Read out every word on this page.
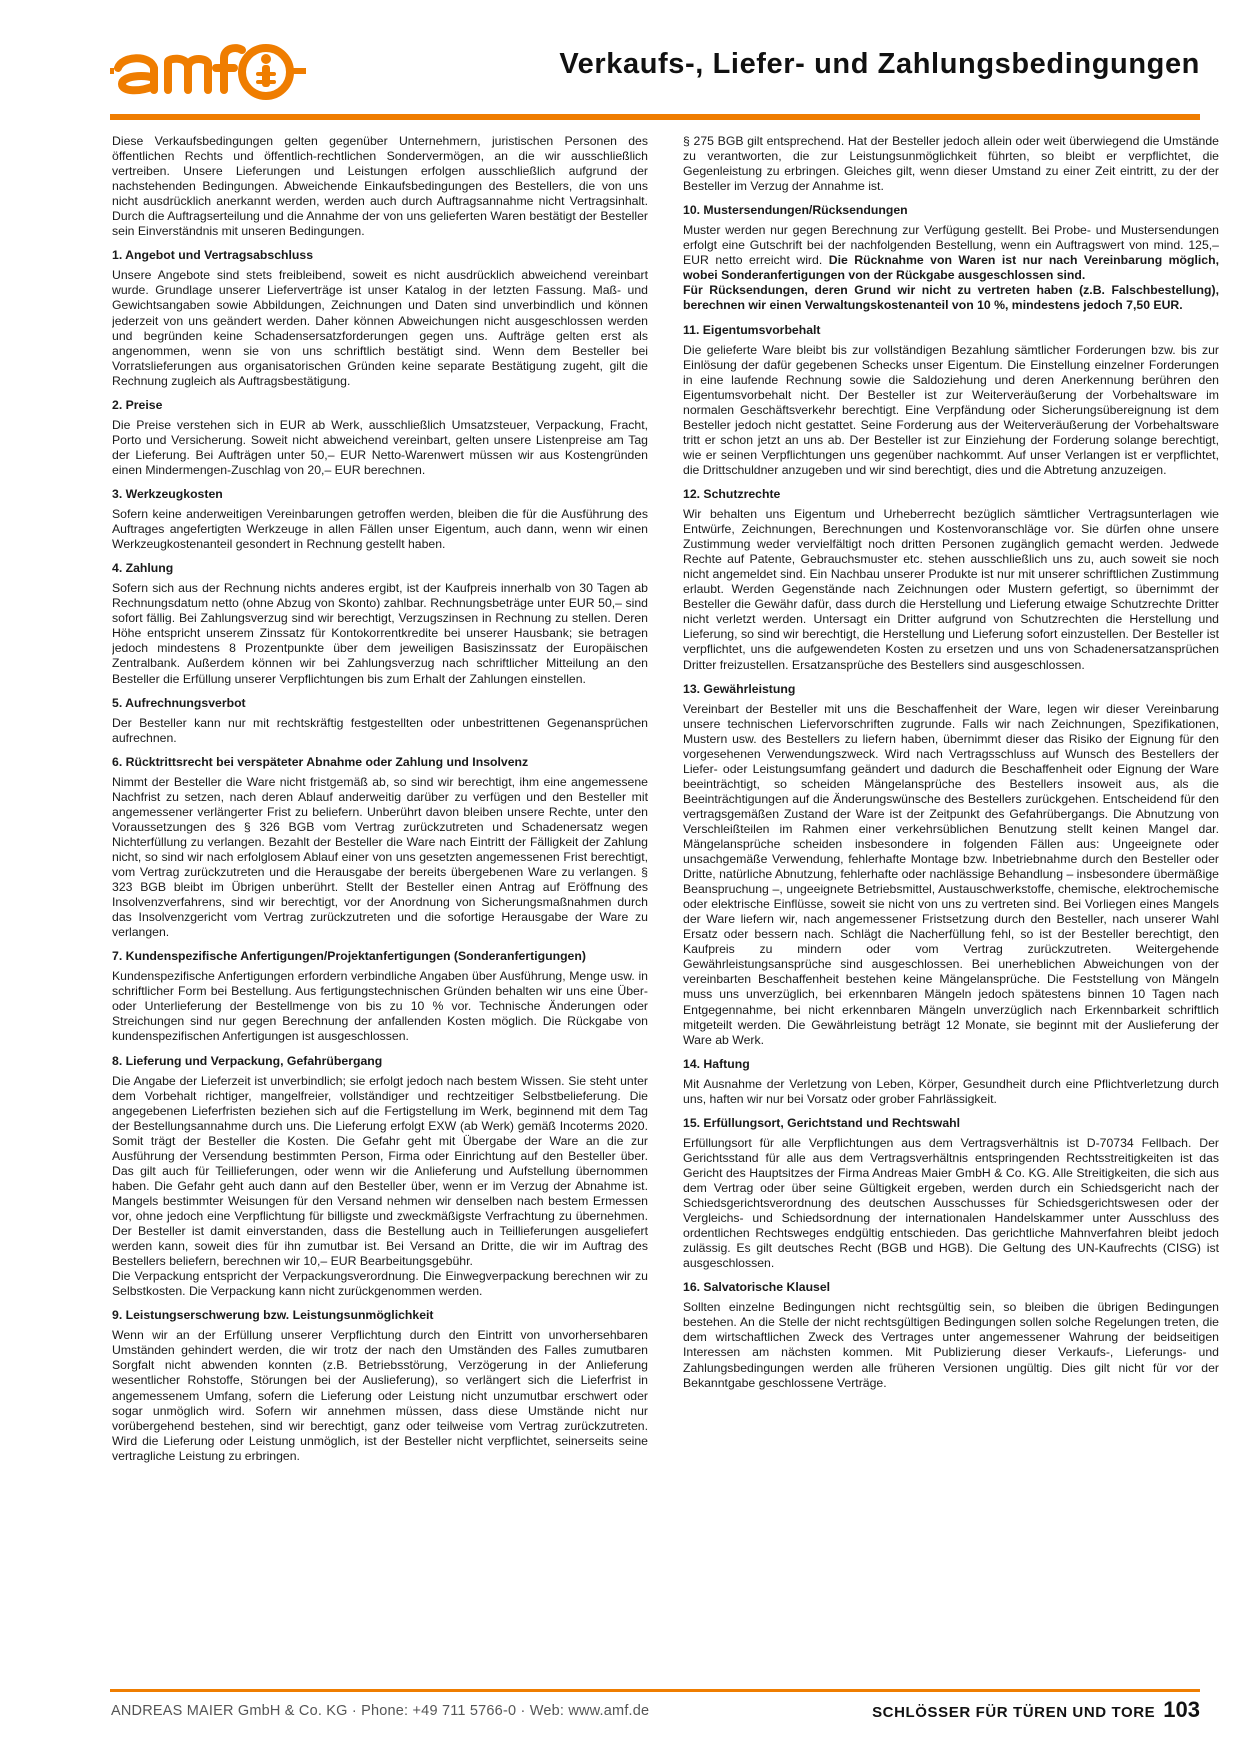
Verkaufs-, Liefer- und Zahlungsbedingungen

Diese Verkaufsbedingungen gelten gegenüber Unternehmern, juristischen Personen des öffentlichen Rechts und öffentlich-rechtlichen Sondervermögen, an die wir ausschließlich vertreiben. Unsere Lieferungen und Leistungen erfolgen ausschließlich aufgrund der nachstehenden Bedingungen. Abweichende Einkaufsbedingungen des Bestellers, die von uns nicht ausdrücklich anerkannt werden, werden auch durch Auftragsannahme nicht Vertragsinhalt. Durch die Auftragserteilung und die Annahme der von uns gelieferten Waren bestätigt der Besteller sein Einverständnis mit unseren Bedingungen.

1. Angebot und Vertragsabschluss

Unsere Angebote sind stets freibleibend, soweit es nicht ausdrücklich abweichend vereinbart wurde. Grundlage unserer Lieferverträge ist unser Katalog in der letzten Fassung. Maß- und Gewichtsangaben sowie Abbildungen, Zeichnungen und Daten sind unverbindlich und können jederzeit von uns geändert werden. Daher können Abweichungen nicht ausgeschlossen werden und begründen keine Schadensersatzforderungen gegen uns. Aufträge gelten erst als angenommen, wenn sie von uns schriftlich bestätigt sind. Wenn dem Besteller bei Vorratslieferungen aus organisatorischen Gründen keine separate Bestätigung zugeht, gilt die Rechnung zugleich als Auftragsbestätigung.

2. Preise

Die Preise verstehen sich in EUR ab Werk, ausschließlich Umsatzsteuer, Verpackung, Fracht, Porto und Versicherung. Soweit nicht abweichend vereinbart, gelten unsere Listenpreise am Tag der Lieferung. Bei Aufträgen unter 50,– EUR Netto-Warenwert müssen wir aus Kostengründen einen Mindermengen-Zuschlag von 20,– EUR berechnen.

3. Werkzeugkosten

Sofern keine anderweitigen Vereinbarungen getroffen werden, bleiben die für die Ausführung des Auftrages angefertigten Werkzeuge in allen Fällen unser Eigentum, auch dann, wenn wir einen Werkzeugkostenanteil gesondert in Rechnung gestellt haben.

4. Zahlung

Sofern sich aus der Rechnung nichts anderes ergibt, ist der Kaufpreis innerhalb von 30 Tagen ab Rechnungsdatum netto (ohne Abzug von Skonto) zahlbar. Rechnungsbeträge unter EUR 50,– sind sofort fällig. Bei Zahlungsverzug sind wir berechtigt, Verzugszinsen in Rechnung zu stellen. Deren Höhe entspricht unserem Zinssatz für Kontokorrentkredite bei unserer Hausbank; sie betragen jedoch mindestens 8 Prozentpunkte über dem jeweiligen Basiszinssatz der Europäischen Zentralbank. Außerdem können wir bei Zahlungsverzug nach schriftlicher Mitteilung an den Besteller die Erfüllung unserer Verpflichtungen bis zum Erhalt der Zahlungen einstellen.

5. Aufrechnungsverbot

Der Besteller kann nur mit rechtskräftig festgestellten oder unbestrittenen Gegenansprüchen aufrechnen.

6. Rücktrittsrecht bei verspäteter Abnahme oder Zahlung und Insolvenz

Nimmt der Besteller die Ware nicht fristgemäß ab, so sind wir berechtigt, ihm eine angemessene Nachfrist zu setzen, nach deren Ablauf anderweitig darüber zu verfügen und den Besteller mit angemessener verlängerter Frist zu beliefern. Unberührt davon bleiben unsere Rechte, unter den Voraussetzungen des § 326 BGB vom Vertrag zurückzutreten und Schadenersatz wegen Nichterfüllung zu verlangen. Bezahlt der Besteller die Ware nach Eintritt der Fälligkeit der Zahlung nicht, so sind wir nach erfolglosem Ablauf einer von uns gesetzten angemessenen Frist berechtigt, vom Vertrag zurückzutreten und die Herausgabe der bereits übergebenen Ware zu verlangen. § 323 BGB bleibt im Übrigen unberührt. Stellt der Besteller einen Antrag auf Eröffnung des Insolvenzverfahrens, sind wir berechtigt, vor der Anordnung von Sicherungsmaßnahmen durch das Insolvenzgericht vom Vertrag zurückzutreten und die sofortige Herausgabe der Ware zu verlangen.

7. Kundenspezifische Anfertigungen/Projektanfertigungen (Sonderanfertigungen)

Kundenspezifische Anfertigungen erfordern verbindliche Angaben über Ausführung, Menge usw. in schriftlicher Form bei Bestellung. Aus fertigungstechnischen Gründen behalten wir uns eine Über- oder Unterlieferung der Bestellmenge von bis zu 10 % vor. Technische Änderungen oder Streichungen sind nur gegen Berechnung der anfallenden Kosten möglich. Die Rückgabe von kundenspezifischen Anfertigungen ist ausgeschlossen.

8. Lieferung und Verpackung, Gefahrübergang

Die Angabe der Lieferzeit ist unverbindlich; sie erfolgt jedoch nach bestem Wissen. Sie steht unter dem Vorbehalt richtiger, mangelfreier, vollständiger und rechtzeitiger Selbstbelieferung. Die angegebenen Lieferfristen beziehen sich auf die Fertigstellung im Werk, beginnend mit dem Tag der Bestellungsannahme durch uns. Die Lieferung erfolgt EXW (ab Werk) gemäß Incoterms 2020. Somit trägt der Besteller die Kosten. Die Gefahr geht mit Übergabe der Ware an die zur Ausführung der Versendung bestimmten Person, Firma oder Einrichtung auf den Besteller über. Das gilt auch für Teillieferungen, oder wenn wir die Anlieferung und Aufstellung übernommen haben. Die Gefahr geht auch dann auf den Besteller über, wenn er im Verzug der Abnahme ist. Mangels bestimmter Weisungen für den Versand nehmen wir denselben nach bestem Ermessen vor, ohne jedoch eine Verpflichtung für billigste und zweckmäßigste Verfrachtung zu übernehmen. Der Besteller ist damit einverstanden, dass die Bestellung auch in Teillieferungen ausgeliefert werden kann, soweit dies für ihn zumutbar ist. Bei Versand an Dritte, die wir im Auftrag des Bestellers beliefern, berechnen wir 10,– EUR Bearbeitungsgebühr.

Die Verpackung entspricht der Verpackungsverordnung. Die Einwegverpackung berechnen wir zu Selbstkosten. Die Verpackung kann nicht zurückgenommen werden.

9. Leistungserschwerung bzw. Leistungsunmöglichkeit

Wenn wir an der Erfüllung unserer Verpflichtung durch den Eintritt von unvorhersehbaren Umständen gehindert werden, die wir trotz der nach den Umständen des Falles zumutbaren Sorgfalt nicht abwenden konnten (z.B. Betriebsstörung, Verzögerung in der Anlieferung wesentlicher Rohstoffe, Störungen bei der Auslieferung), so verlängert sich die Lieferfrist in angemessenem Umfang, sofern die Lieferung oder Leistung nicht unzumutbar erschwert oder sogar unmöglich wird. Sofern wir annehmen müssen, dass diese Umstände nicht nur vorübergehend bestehen, sind wir berechtigt, ganz oder teilweise vom Vertrag zurückzutreten. Wird die Lieferung oder Leistung unmöglich, ist der Besteller nicht verpflichtet, seinerseits seine vertragliche Leistung zu erbringen.

§ 275 BGB gilt entsprechend. Hat der Besteller jedoch allein oder weit überwiegend die Umstände zu verantworten, die zur Leistungsunmöglichkeit führten, so bleibt er verpflichtet, die Gegenleistung zu erbringen. Gleiches gilt, wenn dieser Umstand zu einer Zeit eintritt, zu der der Besteller im Verzug der Annahme ist.

10. Mustersendungen/Rücksendungen

Muster werden nur gegen Berechnung zur Verfügung gestellt. Bei Probe- und Mustersendungen erfolgt eine Gutschrift bei der nachfolgenden Bestellung, wenn ein Auftragswert von mind. 125,– EUR netto erreicht wird. Die Rücknahme von Waren ist nur nach Vereinbarung möglich, wobei Sonderanfertigungen von der Rückgabe ausgeschlossen sind.
Für Rücksendungen, deren Grund wir nicht zu vertreten haben (z.B. Falschbestellung), berechnen wir einen Verwaltungskostenanteil von 10 %, mindestens jedoch 7,50 EUR.

11. Eigentumsvorbehalt

Die gelieferte Ware bleibt bis zur vollständigen Bezahlung sämtlicher Forderungen bzw. bis zur Einlösung der dafür gegebenen Schecks unser Eigentum. Die Einstellung einzelner Forderungen in eine laufende Rechnung sowie die Saldoziehung und deren Anerkennung berühren den Eigentumsvorbehalt nicht. Der Besteller ist zur Weiterveräußerung der Vorbehaltsware im normalen Geschäftsverkehr berechtigt. Eine Verpfändung oder Sicherungsübereignung ist dem Besteller jedoch nicht gestattet. Seine Forderung aus der Weiterveräußerung der Vorbehaltsware tritt er schon jetzt an uns ab. Der Besteller ist zur Einziehung der Forderung solange berechtigt, wie er seinen Verpflichtungen uns gegenüber nachkommt. Auf unser Verlangen ist er verpflichtet, die Drittschuldner anzugeben und wir sind berechtigt, dies und die Abtretung anzuzeigen.

12. Schutzrechte

Wir behalten uns Eigentum und Urheberrecht bezüglich sämtlicher Vertragsunterlagen wie Entwürfe, Zeichnungen, Berechnungen und Kostenvoranschläge vor. Sie dürfen ohne unsere Zustimmung weder vervielfältigt noch dritten Personen zugänglich gemacht werden. Jedwede Rechte auf Patente, Gebrauchsmuster etc. stehen ausschließlich uns zu, auch soweit sie noch nicht angemeldet sind. Ein Nachbau unserer Produkte ist nur mit unserer schriftlichen Zustimmung erlaubt. Werden Gegenstände nach Zeichnungen oder Mustern gefertigt, so übernimmt der Besteller die Gewähr dafür, dass durch die Herstellung und Lieferung etwaige Schutzrechte Dritter nicht verletzt werden. Untersagt ein Dritter aufgrund von Schutzrechten die Herstellung und Lieferung, so sind wir berechtigt, die Herstellung und Lieferung sofort einzustellen. Der Besteller ist verpflichtet, uns die aufgewendeten Kosten zu ersetzen und uns von Schadenersatzansprüchen Dritter freizustellen. Ersatzansprüche des Bestellers sind ausgeschlossen.

13. Gewährleistung

Vereinbart der Besteller mit uns die Beschaffenheit der Ware, legen wir dieser Vereinbarung unsere technischen Liefervorschriften zugrunde. Falls wir nach Zeichnungen, Spezifikationen, Mustern usw. des Bestellers zu liefern haben, übernimmt dieser das Risiko der Eignung für den vorgesehenen Verwendungszweck. Wird nach Vertragsschluss auf Wunsch des Bestellers der Liefer- oder Leistungsumfang geändert und dadurch die Beschaffenheit oder Eignung der Ware beeinträchtigt, so scheiden Mängelansprüche des Bestellers insoweit aus, als die Beeinträchtigungen auf die Änderungswünsche des Bestellers zurückgehen. Entscheidend für den vertragsgemäßen Zustand der Ware ist der Zeitpunkt des Gefahrübergangs. Die Abnutzung von Verschleißteilen im Rahmen einer verkehrsüblichen Benutzung stellt keinen Mangel dar. Mängelansprüche scheiden insbesondere in folgenden Fällen aus: Ungeeignete oder unsachgemäße Verwendung, fehlerhafte Montage bzw. Inbetriebnahme durch den Besteller oder Dritte, natürliche Abnutzung, fehlerhafte oder nachlässige Behandlung – insbesondere übermäßige Beanspruchung –, ungeeignete Betriebsmittel, Austauschwerkstoffe, chemische, elektrochemische oder elektrische Einflüsse, soweit sie nicht von uns zu vertreten sind. Bei Vorliegen eines Mangels der Ware liefern wir, nach angemessener Fristsetzung durch den Besteller, nach unserer Wahl Ersatz oder bessern nach. Schlägt die Nacherfüllung fehl, so ist der Besteller berechtigt, den Kaufpreis zu mindern oder vom Vertrag zurückzutreten. Weitergehende Gewährleistungsansprüche sind ausgeschlossen. Bei unerheblichen Abweichungen von der vereinbarten Beschaffenheit bestehen keine Mängelansprüche. Die Feststellung von Mängeln muss uns unverzüglich, bei erkennbaren Mängeln jedoch spätestens binnen 10 Tagen nach Entgegennahme, bei nicht erkennbaren Mängeln unverzüglich nach Erkennbarkeit schriftlich mitgeteilt werden. Die Gewährleistung beträgt 12 Monate, sie beginnt mit der Auslieferung der Ware ab Werk.

14. Haftung

Mit Ausnahme der Verletzung von Leben, Körper, Gesundheit durch eine Pflichtverletzung durch uns, haften wir nur bei Vorsatz oder grober Fahrlässigkeit.

15. Erfüllungsort, Gerichtstand und Rechtswahl

Erfüllungsort für alle Verpflichtungen aus dem Vertragsverhältnis ist D-70734 Fellbach. Der Gerichtsstand für alle aus dem Vertragsverhältnis entspringenden Rechtsstreitigkeiten ist das Gericht des Hauptsitzes der Firma Andreas Maier GmbH & Co. KG. Alle Streitigkeiten, die sich aus dem Vertrag oder über seine Gültigkeit ergeben, werden durch ein Schiedsgericht nach der Schiedsgerichtsverordnung des deutschen Ausschusses für Schiedsgerichtswesen oder der Vergleichs- und Schiedsordnung der internationalen Handelskammer unter Ausschluss des ordentlichen Rechtsweges endgültig entschieden. Das gerichtliche Mahnverfahren bleibt jedoch zulässig. Es gilt deutsches Recht (BGB und HGB). Die Geltung des UN-Kaufrechts (CISG) ist ausgeschlossen.

16. Salvatorische Klausel

Sollten einzelne Bedingungen nicht rechtsgültig sein, so bleiben die übrigen Bedingungen bestehen. An die Stelle der nicht rechtsgültigen Bedingungen sollen solche Regelungen treten, die dem wirtschaftlichen Zweck des Vertrages unter angemessener Wahrung der beidseitigen Interessen am nächsten kommen. Mit Publizierung dieser Verkaufs-, Lieferungs- und Zahlungsbedingungen werden alle früheren Versionen ungültig. Dies gilt nicht für vor der Bekanntgabe geschlossene Verträge.

ANDREAS MAIER GmbH & Co. KG · Phone: +49 711 5766-0 · Web: www.amf.de	SCHLÖSSER FÜR TÜREN UND TORE 103
